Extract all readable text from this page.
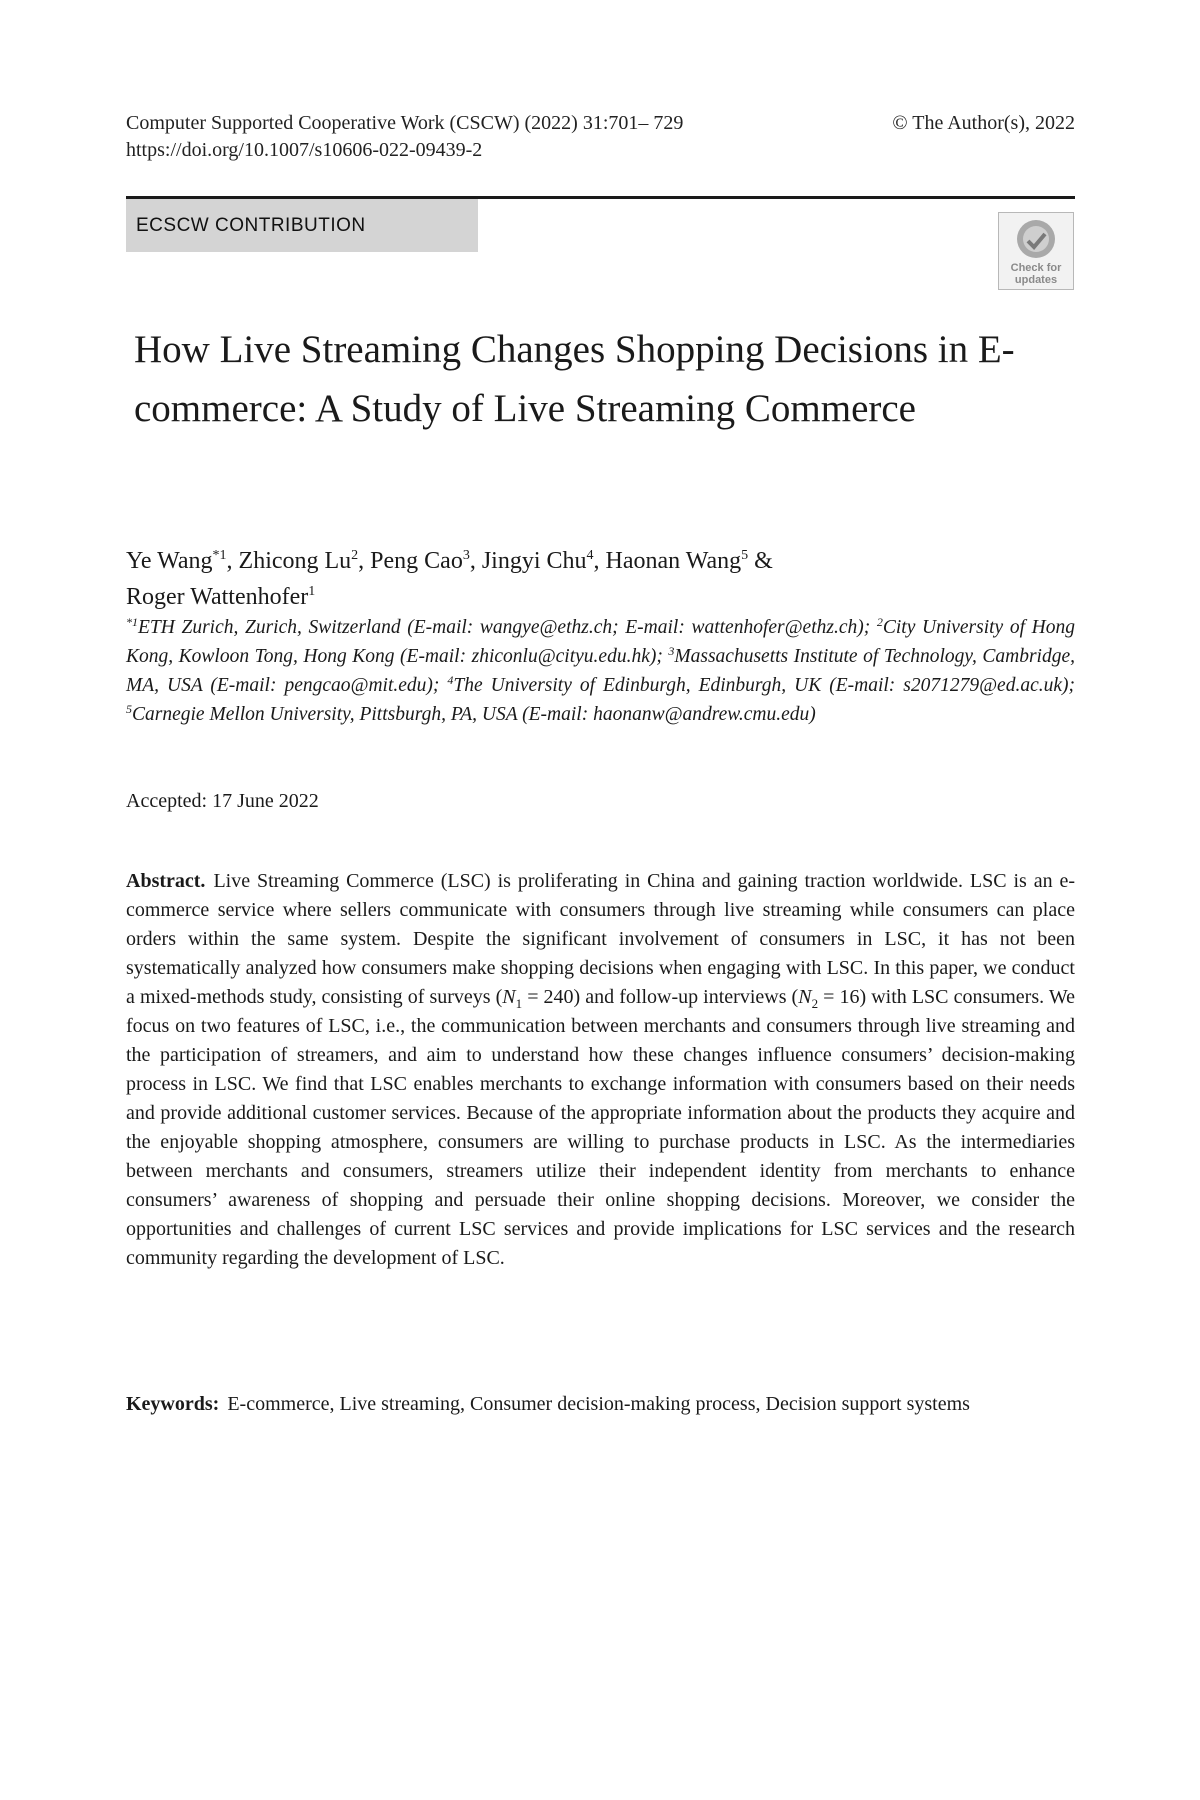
Computer Supported Cooperative Work (CSCW) (2022) 31:701– 729	© The Author(s), 2022
https://doi.org/10.1007/s10606-022-09439-2
ECSCW CONTRIBUTION
Check for
updates
How Live Streaming Changes Shopping Decisions in E-commerce: A Study of Live Streaming Commerce
Ye Wang$^{*1}$, Zhicong Lu$^2$, Peng Cao$^3$, Jingyi Chu$^4$, Haonan Wang$^5$ &
Roger Wattenhofer$^1$
$^{*1}$ETH Zurich, Zurich, Switzerland (E-mail: wangye@ethz.ch; E-mail: wattenhofer@ethz.ch); $^2$City University of Hong Kong, Kowloon Tong, Hong Kong (E-mail: zhiconlu@cityu.edu.hk); $^3$Massachusetts Institute of Technology, Cambridge, MA, USA (E-mail: pengcao@mit.edu); $^4$The University of Edinburgh, Edinburgh, UK (E-mail: s2071279@ed.ac.uk); $^5$Carnegie Mellon University, Pittsburgh, PA, USA (E-mail: haonanw@andrew.cmu.edu)
Accepted: 17 June 2022
Abstract. Live Streaming Commerce (LSC) is proliferating in China and gaining traction worldwide. LSC is an e-commerce service where sellers communicate with consumers through live streaming while consumers can place orders within the same system. Despite the significant involvement of consumers in LSC, it has not been systematically analyzed how consumers make shopping decisions when engaging with LSC. In this paper, we conduct a mixed-methods study, consisting of surveys $(N_1 = 240)$ and follow-up interviews $(N_2 = 16)$ with LSC consumers. We focus on two features of LSC, i.e., the communication between merchants and consumers through live streaming and the participation of streamers, and aim to understand how these changes influence consumers’ decision-making process in LSC. We find that LSC enables merchants to exchange information with consumers based on their needs and provide additional customer services. Because of the appropriate information about the products they acquire and the enjoyable shopping atmosphere, consumers are willing to purchase products in LSC. As the intermediaries between merchants and consumers, streamers utilize their independent identity from merchants to enhance consumers’ awareness of shopping and persuade their online shopping decisions. Moreover, we consider the opportunities and challenges of current LSC services and provide implications for LSC services and the research community regarding the development of LSC.
Keywords: E-commerce, Live streaming, Consumer decision-making process, Decision support systems
